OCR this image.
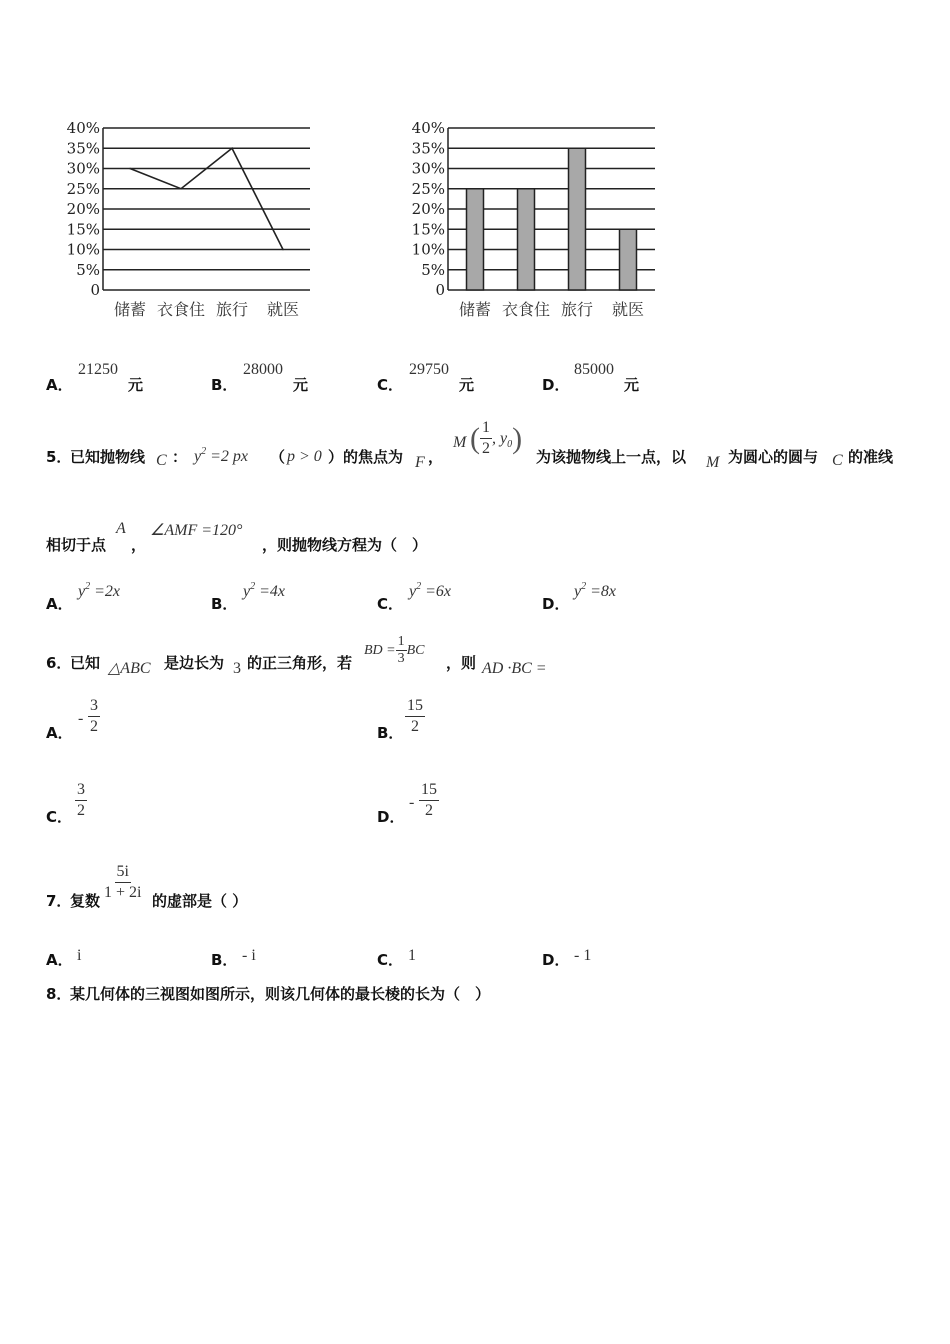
0
5%
10%
15%
20%
25%
30%
35%
40%
储蓄 衣食住 旅行 就医
0
5%
10%
15%
20%
25%
30%
35%
40%
储蓄 衣食住 旅行 就医
A．
21250
元	B．
28000
元	C．
29750
元	D．
85000
元
5．
已知抛物线 C ： $y^2 =2$ px （ p > 0 ）的焦点为 F ，
M ( $\frac{1}{2}$ , $y_0$ )
为该抛物线上一点，以 M 为圆心的圆与 C 的准线
相切于点
A
，
∠AMF =120°
，则抛物线方程为（　）
A．
$y^2 =2x$
B．
$y^2 =4x$
C．
$y^2 =6x$
D．
$y^2 =8x$
6．
已知 △ABC 是边长为 3 的正三角形，若
BD = $\frac{1}{3}$ BC
，则 AD ·BC =
A．
- $\frac{3}{2}$	B． $\frac{15}{2}$
C． $\frac{3}{2}$	D．
- $\frac{15}{2}$
7．
复数 $\frac{5i}{1 + 2i}$ 的虚部是（ ）
A． i	B． - i	C． 1	D． - 1
8．
某几何体的三视图如图所示，则该几何体的最长棱的长为（　）
